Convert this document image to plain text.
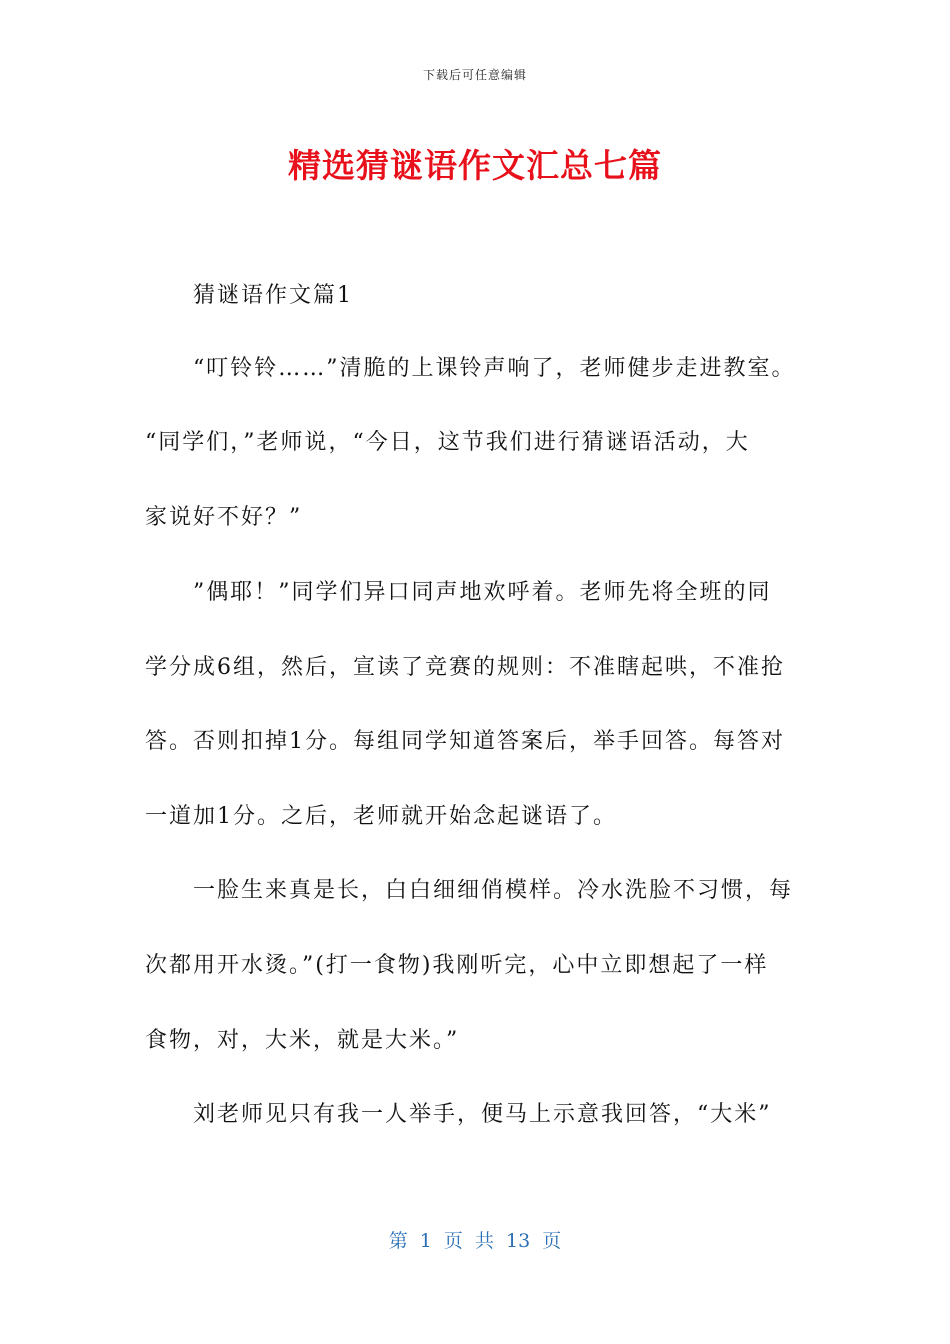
下载后可任意编辑
精选猜谜语作文汇总七篇
猜谜语作文篇1
“叮铃铃……”清脆的上课铃声响了，老师健步走进教室。
“同学们，”老师说，“今日，这节我们进行猜谜语活动，大
家说好不好？”
”偶耶！”同学们异口同声地欢呼着。老师先将全班的同
学分成6组，然后，宣读了竞赛的规则：不准瞎起哄，不准抢
答。否则扣掉1分。每组同学知道答案后，举手回答。每答对
一道加1分。之后，老师就开始念起谜语了。
一脸生来真是长，白白细细俏模样。冷水洗脸不习惯，每
次都用开水烫。”(打一食物)我刚听完，心中立即想起了一样
食物，对，大米，就是大米。”
刘老师见只有我一人举手，便马上示意我回答，“大米”
第 1 页 共 13 页
